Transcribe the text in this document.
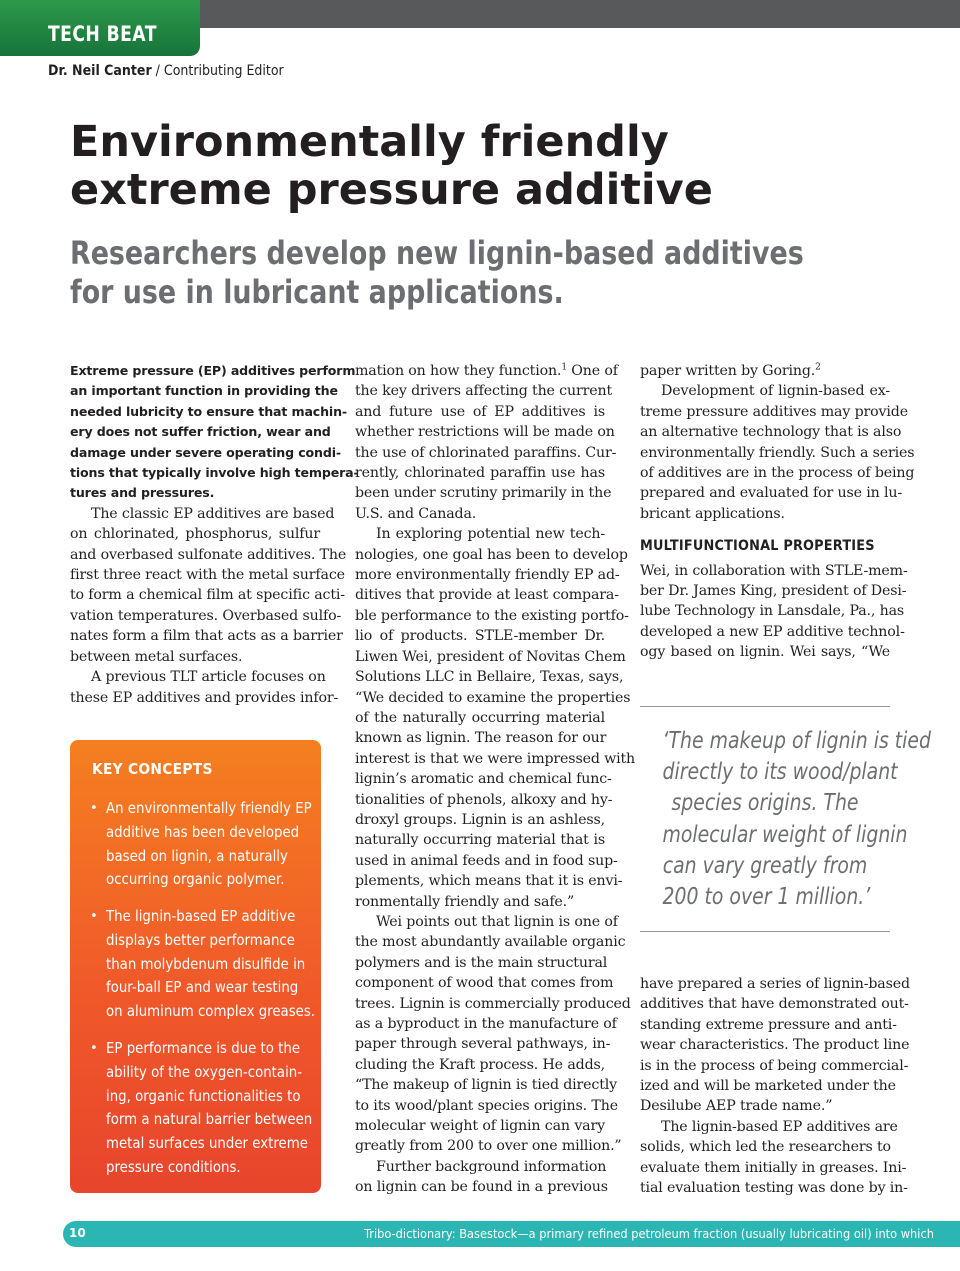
TECH BEAT
Dr. Neil Canter / Contributing Editor
Environmentally friendly
extreme pressure additive
Researchers develop new lignin-based additives
for use in lubricant applications.
Extreme pressure (EP) additives perform
an important function in providing the
needed lubricity to ensure that machin-
ery does not suffer friction, wear and
damage under severe operating condi-
tions that typically involve high tempera-
tures and pressures.
The classic EP additives are based
on chlorinated, phosphorus, sulfur
and overbased sulfonate additives. The
first three react with the metal surface
to form a chemical film at specific acti-
vation temperatures. Overbased sulfo-
nates form a film that acts as a barrier
between metal surfaces.
A previous TLT article focuses on
these EP additives and provides infor-
KEY CONCEPTS
• An environmentally friendly EP
additive has been developed
based on lignin, a naturally
occurring organic polymer.
• The lignin-based EP additive
displays better performance
than molybdenum disulfide in
four-ball EP and wear testing
on aluminum complex greases.
• EP performance is due to the
ability of the oxygen-contain-
ing, organic functionalities to
form a natural barrier between
metal surfaces under extreme
pressure conditions.
mation on how they function.$^1$ One of
the key drivers affecting the current
and future use of EP additives is
whether restrictions will be made on
the use of chlorinated paraffins. Cur-
rently, chlorinated paraffin use has
been under scrutiny primarily in the
U.S. and Canada.
In exploring potential new tech-
nologies, one goal has been to develop
more environmentally friendly EP ad-
ditives that provide at least compara-
ble performance to the existing portfo-
lio of products. STLE-member Dr.
Liwen Wei, president of Novitas Chem
Solutions LLC in Bellaire, Texas, says,
“We decided to examine the properties
of the naturally occurring material
known as lignin. The reason for our
interest is that we were impressed with
lignin’s aromatic and chemical func-
tionalities of phenols, alkoxy and hy-
droxyl groups. Lignin is an ashless,
naturally occurring material that is
used in animal feeds and in food sup-
plements, which means that it is envi-
ronmentally friendly and safe.”
Wei points out that lignin is one of
the most abundantly available organic
polymers and is the main structural
component of wood that comes from
trees. Lignin is commercially produced
as a byproduct in the manufacture of
paper through several pathways, in-
cluding the Kraft process. He adds,
“The makeup of lignin is tied directly
to its wood/plant species origins. The
molecular weight of lignin can vary
greatly from 200 to over one million.”
Further background information
on lignin can be found in a previous
paper written by Goring.$^2$
Development of lignin-based ex-
treme pressure additives may provide
an alternative technology that is also
environmentally friendly. Such a series
of additives are in the process of being
prepared and evaluated for use in lu-
bricant applications.
MULTIFUNCTIONAL PROPERTIES
Wei, in collaboration with STLE-mem-
ber Dr. James King, president of Desi-
lube Technology in Lansdale, Pa., has
developed a new EP additive technol-
ogy based on lignin. Wei says, “We
‘The makeup of lignin is tied
directly to its wood/plant
species origins. The
molecular weight of lignin
can vary greatly from
200 to over 1 million.’
have prepared a series of lignin-based
additives that have demonstrated out-
standing extreme pressure and anti-
wear characteristics. The product line
is in the process of being commercial-
ized and will be marketed under the
Desilube AEP trade name.”
The lignin-based EP additives are
solids, which led the researchers to
evaluate them initially in greases. Ini-
tial evaluation testing was done by in-
10	Tribo-dictionary: Basestock—a primary refined petroleum fraction (usually lubricating oil) into which
